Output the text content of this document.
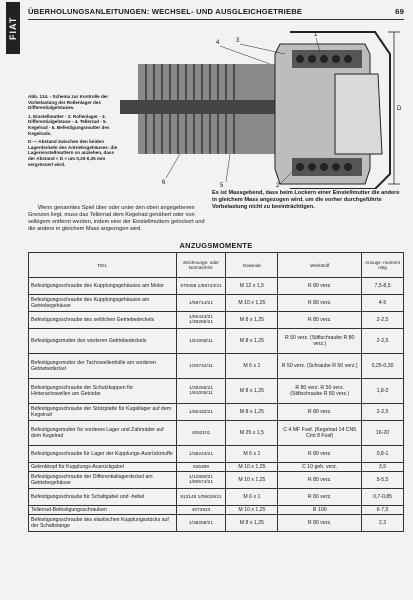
FIAT
ÜBERHOLUNGSANLEITUNGEN: WECHSEL- UND AUSGLEICHGETRIEBE	69

Abb. 134. - Schema zur Kontrolle der Vorbelastung der Rollenlager des Differentialgehäuses.

1. Einstellmutter - 2. Rollenlager - 3. Differentialgehäuse - 4. Tellerrad - 5. Kegelrad - 6. Befestigungsmutter des Kegelrads.

D — Abstand zwischen den beiden Lagerdeckeln des Antriebsgehäuses: die Lagereinstellmuttern so anziehen, dass der Abstand « D » um 0,20-0,25 mm vergrössert wird.

4	3
1
6	5	2
D
Es ist Massgebend, dass beim Lockern einer Einstellmutter die andere in gleichem Mass angezogen wird, um die vorher durchgeführte Vorbelastung nicht zu beeinträchtigen.
Wenn genanntes Spiel über oder unter den oben angegebenen Grenzen liegt, muss das Tellerrad dem Kegelrad genähert oder von selbigem entfernt werden, indem eine der Einstellmuttern gelockert und die andere in gleichem Mass angezogen wird.
ANZUGSMOMENTE
TEIL	Zeichnungs- oder Normteil-Nr.	Gewinde	Werkstoff	Anzugs- moment mkg
Befestigungsschraube des Kupplungsgehäuses am Motor	870059 1/59743/21	M 12 x 1,5	R 80 verz.	7,5-8,5
Befestigungsschraube des Kupplungsgehäuses am Getriebegehäuse	1/59714/21	M 10 x 1,25	R 80 verz.	4-5
Befestigungsschraube des seitlichen Getriebedeckels	1/60443/21 1/38265/21	M 8 x 1,25	R 80 verz.	2-2,5
Befestigungsmutter des vorderen Getriebedeckels	1/61008/11	M 8 x 1,25	R 50 verz. (Stiftschraube R 80 verz.)	2-2,5
Befestigungsmutter der Tachowellenhülle am vorderen Getriebedeckel	1/25742/11	M 6 x 1	R 50 verz. (Schraube R 50 verz.)	0,25-0,30
Befestigungsschraube der Schutzkappen für Hinterachswellen am Getriebe	1/38258/21 1/61008/11	M 8 x 1,25	R 80 verz. R 50 verz. (Stiftschraube R 80 verz.)	1,8-2
Befestigungsschraube der Stützplatte für Kugellager auf dem Kegelrad	1/60432/21	M 8 x 1,25	R 80 verz.	2-2,5
Befestigungsmutter für vorderes Lager und Zahnräder auf dem Kegelrad	4092101	M 25 x 1,5	C 4 MF Fosf. (Kegelrad 14 CN5 Cmt 8 Fosf)	16-20
Befestigungsschraube für Lager der Kupplungs-Ausrückmuffe	1/38243/21	M 6 x 1	R 80 verz.	0,8-1
Gelenkkopf für Kupplungs-Ausrückgabel	835389	M 10 x 1,25	C 10 geh. verz.	3,5
Befestigungsschraube der Differentiallagerdeckel am Getriebegehäuse	1/12880/21 1/60574/21	M 10 x 1,25	R 80 verz.	5-5,5
Befestigungsschraube für Schaltgabel und -hebel	813149 1/09026/21	M 6 x 1	R 80 verz.	0,7-0,85
Tellerrad-Befestigungsschrauben	4073923	M 10 x 1,25	R 100	6-7,5
Befestigungsschraube des elastischen Kupplungsstücks auf der Schaltstange	1/38258/21	M 8 x 1,25	R 80 verz.	2,3
